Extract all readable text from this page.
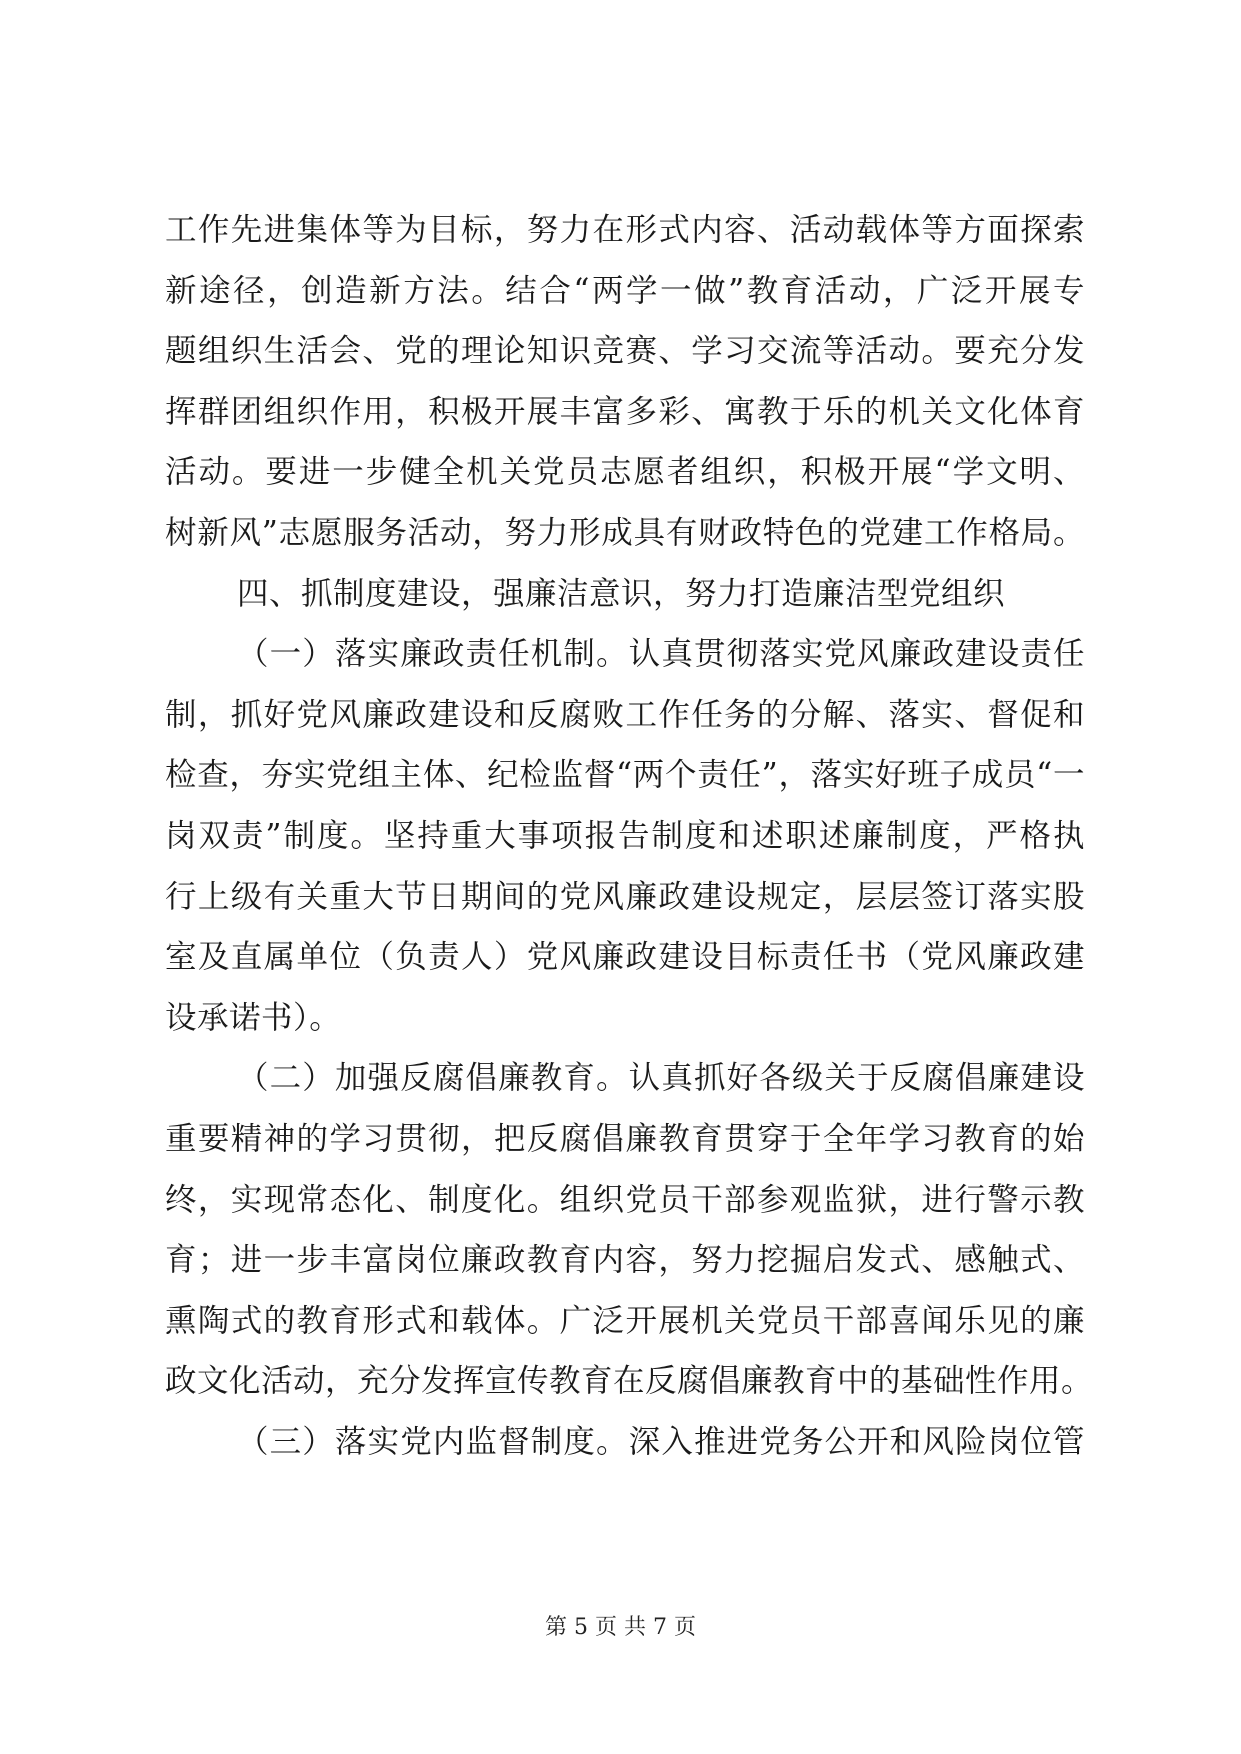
工作先进集体等为目标，努力在形式内容、活动载体等方面探索
新途径，创造新方法。结合“两学一做”教育活动，广泛开展专
题组织生活会、党的理论知识竞赛、学习交流等活动。要充分发
挥群团组织作用，积极开展丰富多彩、寓教于乐的机关文化体育
活动。要进一步健全机关党员志愿者组织，积极开展“学文明、
树新风”志愿服务活动，努力形成具有财政特色的党建工作格局。
四、抓制度建设，强廉洁意识，努力打造廉洁型党组织
（一）落实廉政责任机制。认真贯彻落实党风廉政建设责任
制，抓好党风廉政建设和反腐败工作任务的分解、落实、督促和
检查，夯实党组主体、纪检监督“两个责任”，落实好班子成员“一
岗双责”制度。坚持重大事项报告制度和述职述廉制度，严格执
行上级有关重大节日期间的党风廉政建设规定，层层签订落实股
室及直属单位（负责人）党风廉政建设目标责任书（党风廉政建
设承诺书）。
（二）加强反腐倡廉教育。认真抓好各级关于反腐倡廉建设
重要精神的学习贯彻，把反腐倡廉教育贯穿于全年学习教育的始
终，实现常态化、制度化。组织党员干部参观监狱，进行警示教
育；进一步丰富岗位廉政教育内容，努力挖掘启发式、感触式、
熏陶式的教育形式和载体。广泛开展机关党员干部喜闻乐见的廉
政文化活动，充分发挥宣传教育在反腐倡廉教育中的基础性作用。
（三）落实党内监督制度。深入推进党务公开和风险岗位管
第 5 页 共 7 页
